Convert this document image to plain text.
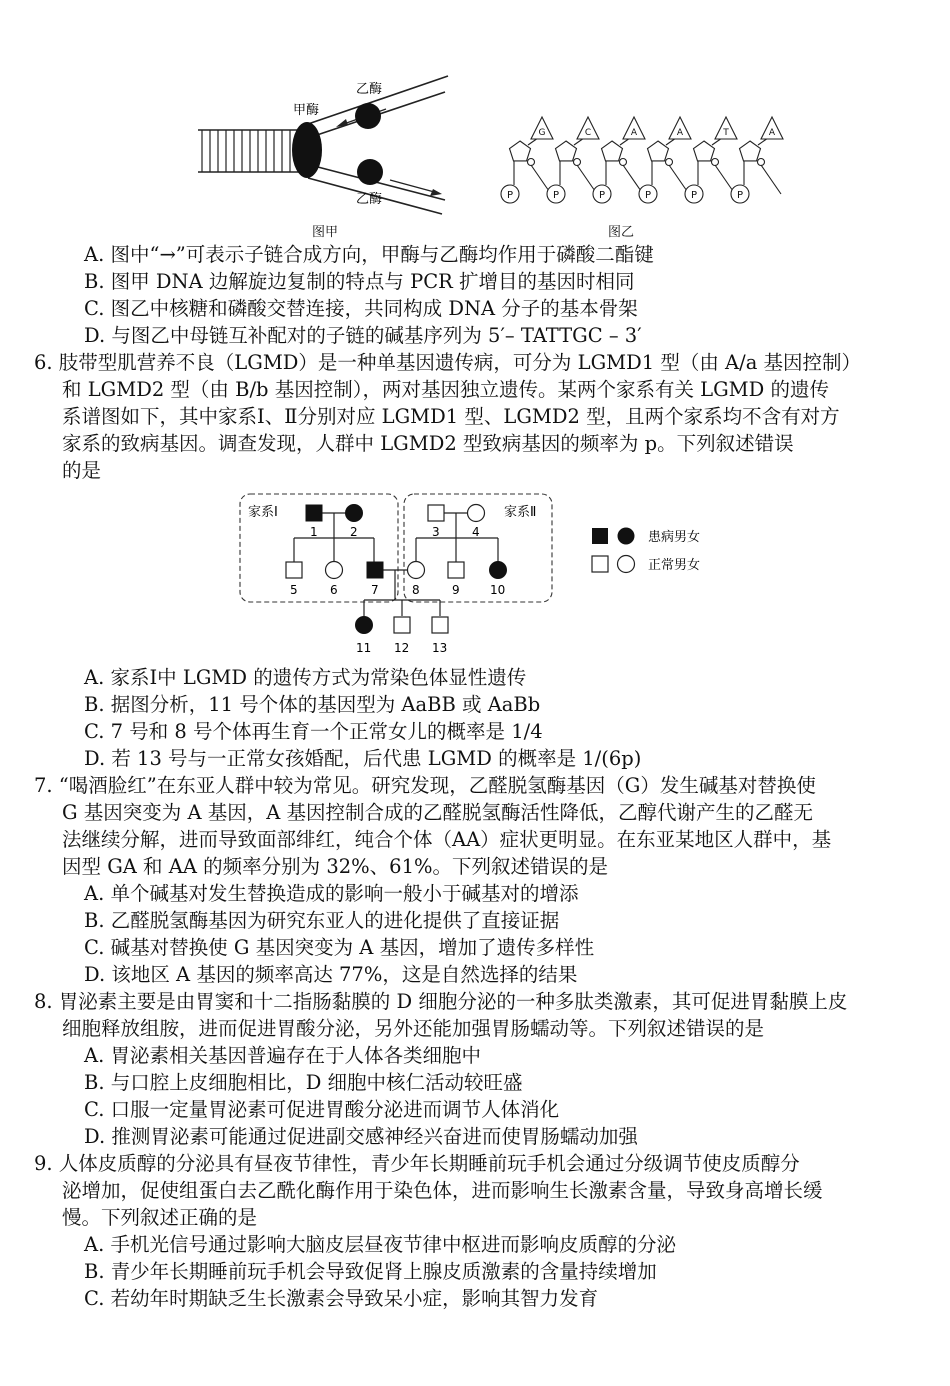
甲酶
乙酶
乙酶
图甲
G
P
C
P
A
P
A
P
T
P
A
P
图乙
A. 图中“→”可表示子链合成方向，甲酶与乙酶均作用于磷酸二酯键
B. 图甲 DNA 边解旋边复制的特点与 PCR 扩增目的基因时相同
C. 图乙中核糖和磷酸交替连接，共同构成 DNA 分子的基本骨架
D. 与图乙中母链互补配对的子链的碱基序列为 5′– TATTGC – 3′
6. 肢带型肌营养不良（LGMD）是一种单基因遗传病，可分为 LGMD1 型（由 A/a 基因控制）
和 LGMD2 型（由 B/b 基因控制），两对基因独立遗传。某两个家系有关 LGMD 的遗传
系谱图如下，其中家系Ⅰ、Ⅱ分别对应 LGMD1 型、LGMD2 型，且两个家系均不含有对方
家系的致病基因。调查发现，人群中 LGMD2 型致病基因的频率为 p。下列叙述错误
的是
家系Ⅰ	家系Ⅱ
1	2	3	4
5	6	7	8	9	10
11 12 13
患病男女
正常男女
A. 家系Ⅰ中 LGMD 的遗传方式为常染色体显性遗传
B. 据图分析，11 号个体的基因型为 AaBB 或 AaBb
C. 7 号和 8 号个体再生育一个正常女儿的概率是 1/4
D. 若 13 号与一正常女孩婚配，后代患 LGMD 的概率是 1/(6p)
7. “喝酒脸红”在东亚人群中较为常见。研究发现，乙醛脱氢酶基因（G）发生碱基对替换使
G 基因突变为 A 基因，A 基因控制合成的乙醛脱氢酶活性降低，乙醇代谢产生的乙醛无
法继续分解，进而导致面部绯红，纯合个体（AA）症状更明显。在东亚某地区人群中，基
因型 GA 和 AA 的频率分别为 32%、61%。下列叙述错误的是
A. 单个碱基对发生替换造成的影响一般小于碱基对的增添
B. 乙醛脱氢酶基因为研究东亚人的进化提供了直接证据
C. 碱基对替换使 G 基因突变为 A 基因，增加了遗传多样性
D. 该地区 A 基因的频率高达 77%，这是自然选择的结果
8. 胃泌素主要是由胃窦和十二指肠黏膜的 D 细胞分泌的一种多肽类激素，其可促进胃黏膜上皮
细胞释放组胺，进而促进胃酸分泌，另外还能加强胃肠蠕动等。下列叙述错误的是
A. 胃泌素相关基因普遍存在于人体各类细胞中
B. 与口腔上皮细胞相比，D 细胞中核仁活动较旺盛
C. 口服一定量胃泌素可促进胃酸分泌进而调节人体消化
D. 推测胃泌素可能通过促进副交感神经兴奋进而使胃肠蠕动加强
9. 人体皮质醇的分泌具有昼夜节律性，青少年长期睡前玩手机会通过分级调节使皮质醇分
泌增加，促使组蛋白去乙酰化酶作用于染色体，进而影响生长激素含量，导致身高增长缓
慢。下列叙述正确的是
A. 手机光信号通过影响大脑皮层昼夜节律中枢进而影响皮质醇的分泌
B. 青少年长期睡前玩手机会导致促肾上腺皮质激素的含量持续增加
C. 若幼年时期缺乏生长激素会导致呆小症，影响其智力发育
